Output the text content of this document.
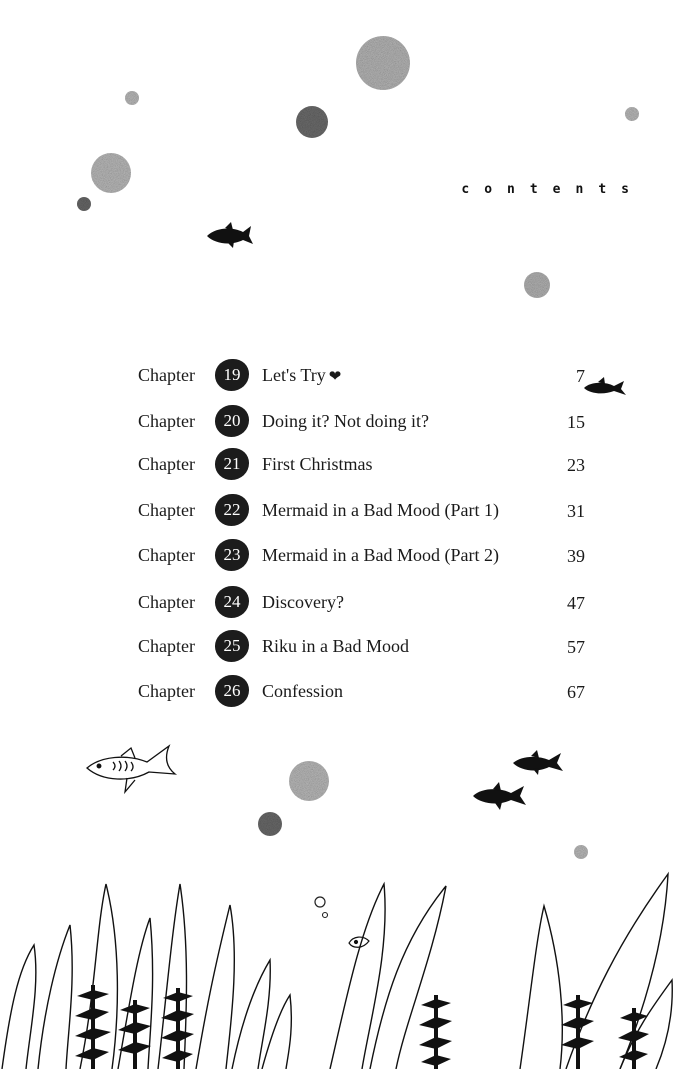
contents
Chapter	19	Let's Try ❤	7
Chapter	20	Doing it? Not doing it?	15
Chapter	21	First Christmas	23
Chapter	22	Mermaid in a Bad Mood (Part 1)	31
Chapter	23	Mermaid in a Bad Mood (Part 2)	39
Chapter	24	Discovery?	47
Chapter	25	Riku in a Bad Mood	57
Chapter	26	Confession	67
